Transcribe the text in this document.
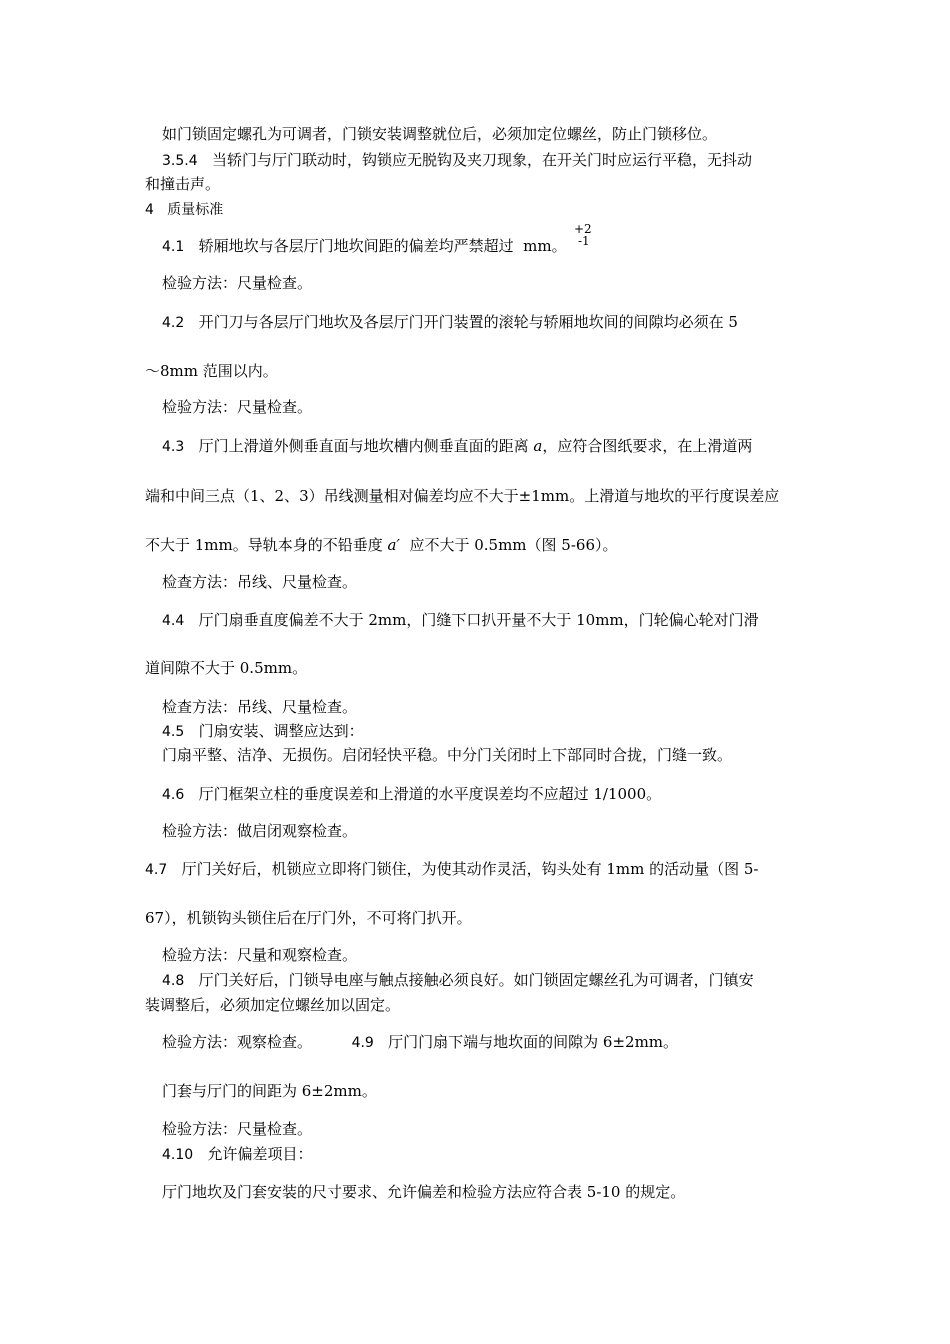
如门锁固定螺孔为可调者，门锁安装调整就位后，必须加定位螺丝，防止门锁移位。
3.5.4 当轿门与厅门联动时，钩锁应无脱钩及夹刀现象，在开关门时应运行平稳，无抖动
和撞击声。
4 质量标准
+2
-1
4.1 轿厢地坎与各层厅门地坎间距的偏差均严禁超过 mm。
检验方法：尺量检查。
4.2 开门刀与各层厅门地坎及各层厅门开门装置的滚轮与轿厢地坎间的间隙均必须在 5
～8mm 范围以内。
检验方法：尺量检查。
4.3 厅门上滑道外侧垂直面与地坎槽内侧垂直面的距离 a，应符合图纸要求，在上滑道两
端和中间三点（1、2、3）吊线测量相对偏差均应不大于±1mm。上滑道与地坎的平行度误差应
不大于 1mm。导轨本身的不铅垂度 a′ 应不大于 0.5mm（图 5-66）。
检查方法：吊线、尺量检查。
4.4 厅门扇垂直度偏差不大于 2mm，门缝下口扒开量不大于 10mm，门轮偏心轮对门滑
道间隙不大于 0.5mm。
检查方法：吊线、尺量检查。
4.5 门扇安装、调整应达到：
门扇平整、洁净、无损伤。启闭轻快平稳。中分门关闭时上下部同时合拢，门缝一致。
4.6 厅门框架立柱的垂度误差和上滑道的水平度误差均不应超过 1/1000。
检验方法：做启闭观察检查。
4.7 厅门关好后，机锁应立即将门锁住，为使其动作灵活，钩头处有 1mm 的活动量（图 5-
67），机锁钩头锁住后在厅门外，不可将门扒开。
检验方法：尺量和观察检查。
4.8 厅门关好后，门锁导电座与触点接触必须良好。如门锁固定螺丝孔为可调者，门镇安
装调整后，必须加定位螺丝加以固定。
检验方法：观察检查。	4.9 厅门门扇下端与地坎面的间隙为 6±2mm。
门套与厅门的间距为 6±2mm。
检验方法：尺量检查。
4.10 允许偏差项目：
厅门地坎及门套安装的尺寸要求、允许偏差和检验方法应符合表 5-10 的规定。
